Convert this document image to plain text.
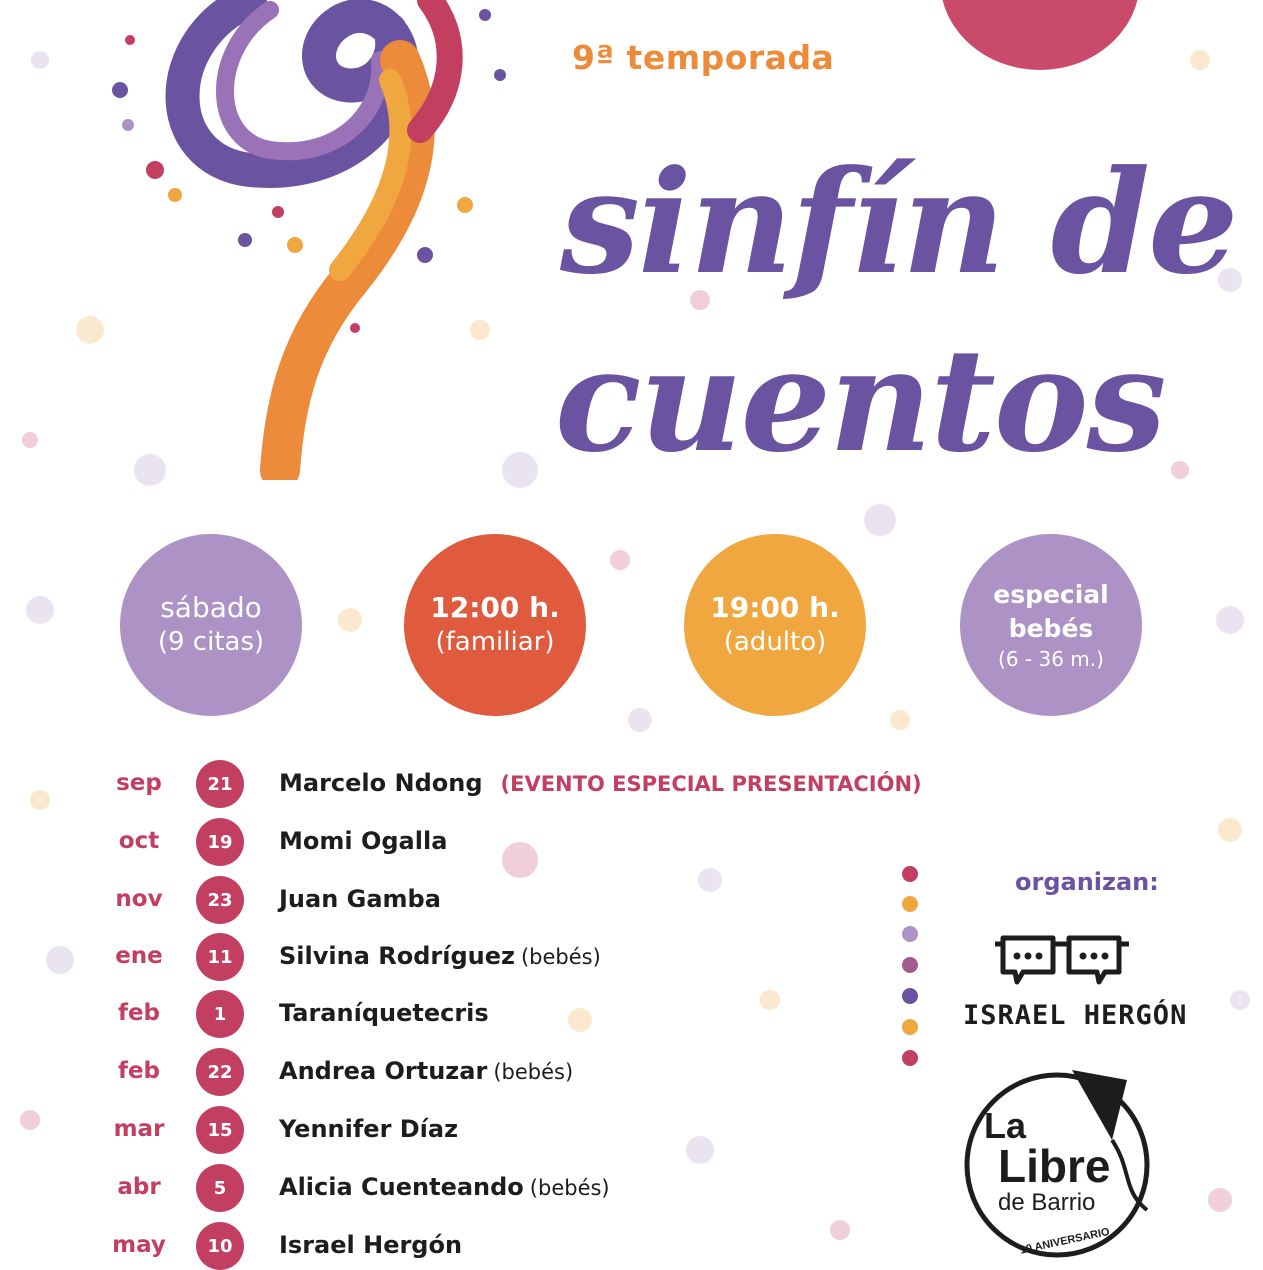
9ª temporada
sinfín de
cuentos
sábado
(9 citas)
12:00 h.
(familiar)
19:00 h.
(adulto)
especial
bebés
(6 - 36 m.)
sep	21	Marcelo Ndong (EVENTO ESPECIAL PRESENTACIÓN)
oct	19	Momi Ogalla
nov	23	Juan Gamba
ene	11	Silvina Rodríguez (bebés)
feb	1	Taraníquetecris
feb	22	Andrea Ortuzar (bebés)
mar	15	Yennifer Díaz
abr	5	Alicia Cuenteando (bebés)
may	10	Israel Hergón
organizan:
ISRAEL HERGÓN
La
Libre
de Barrio
10 ANIVERSARIO
